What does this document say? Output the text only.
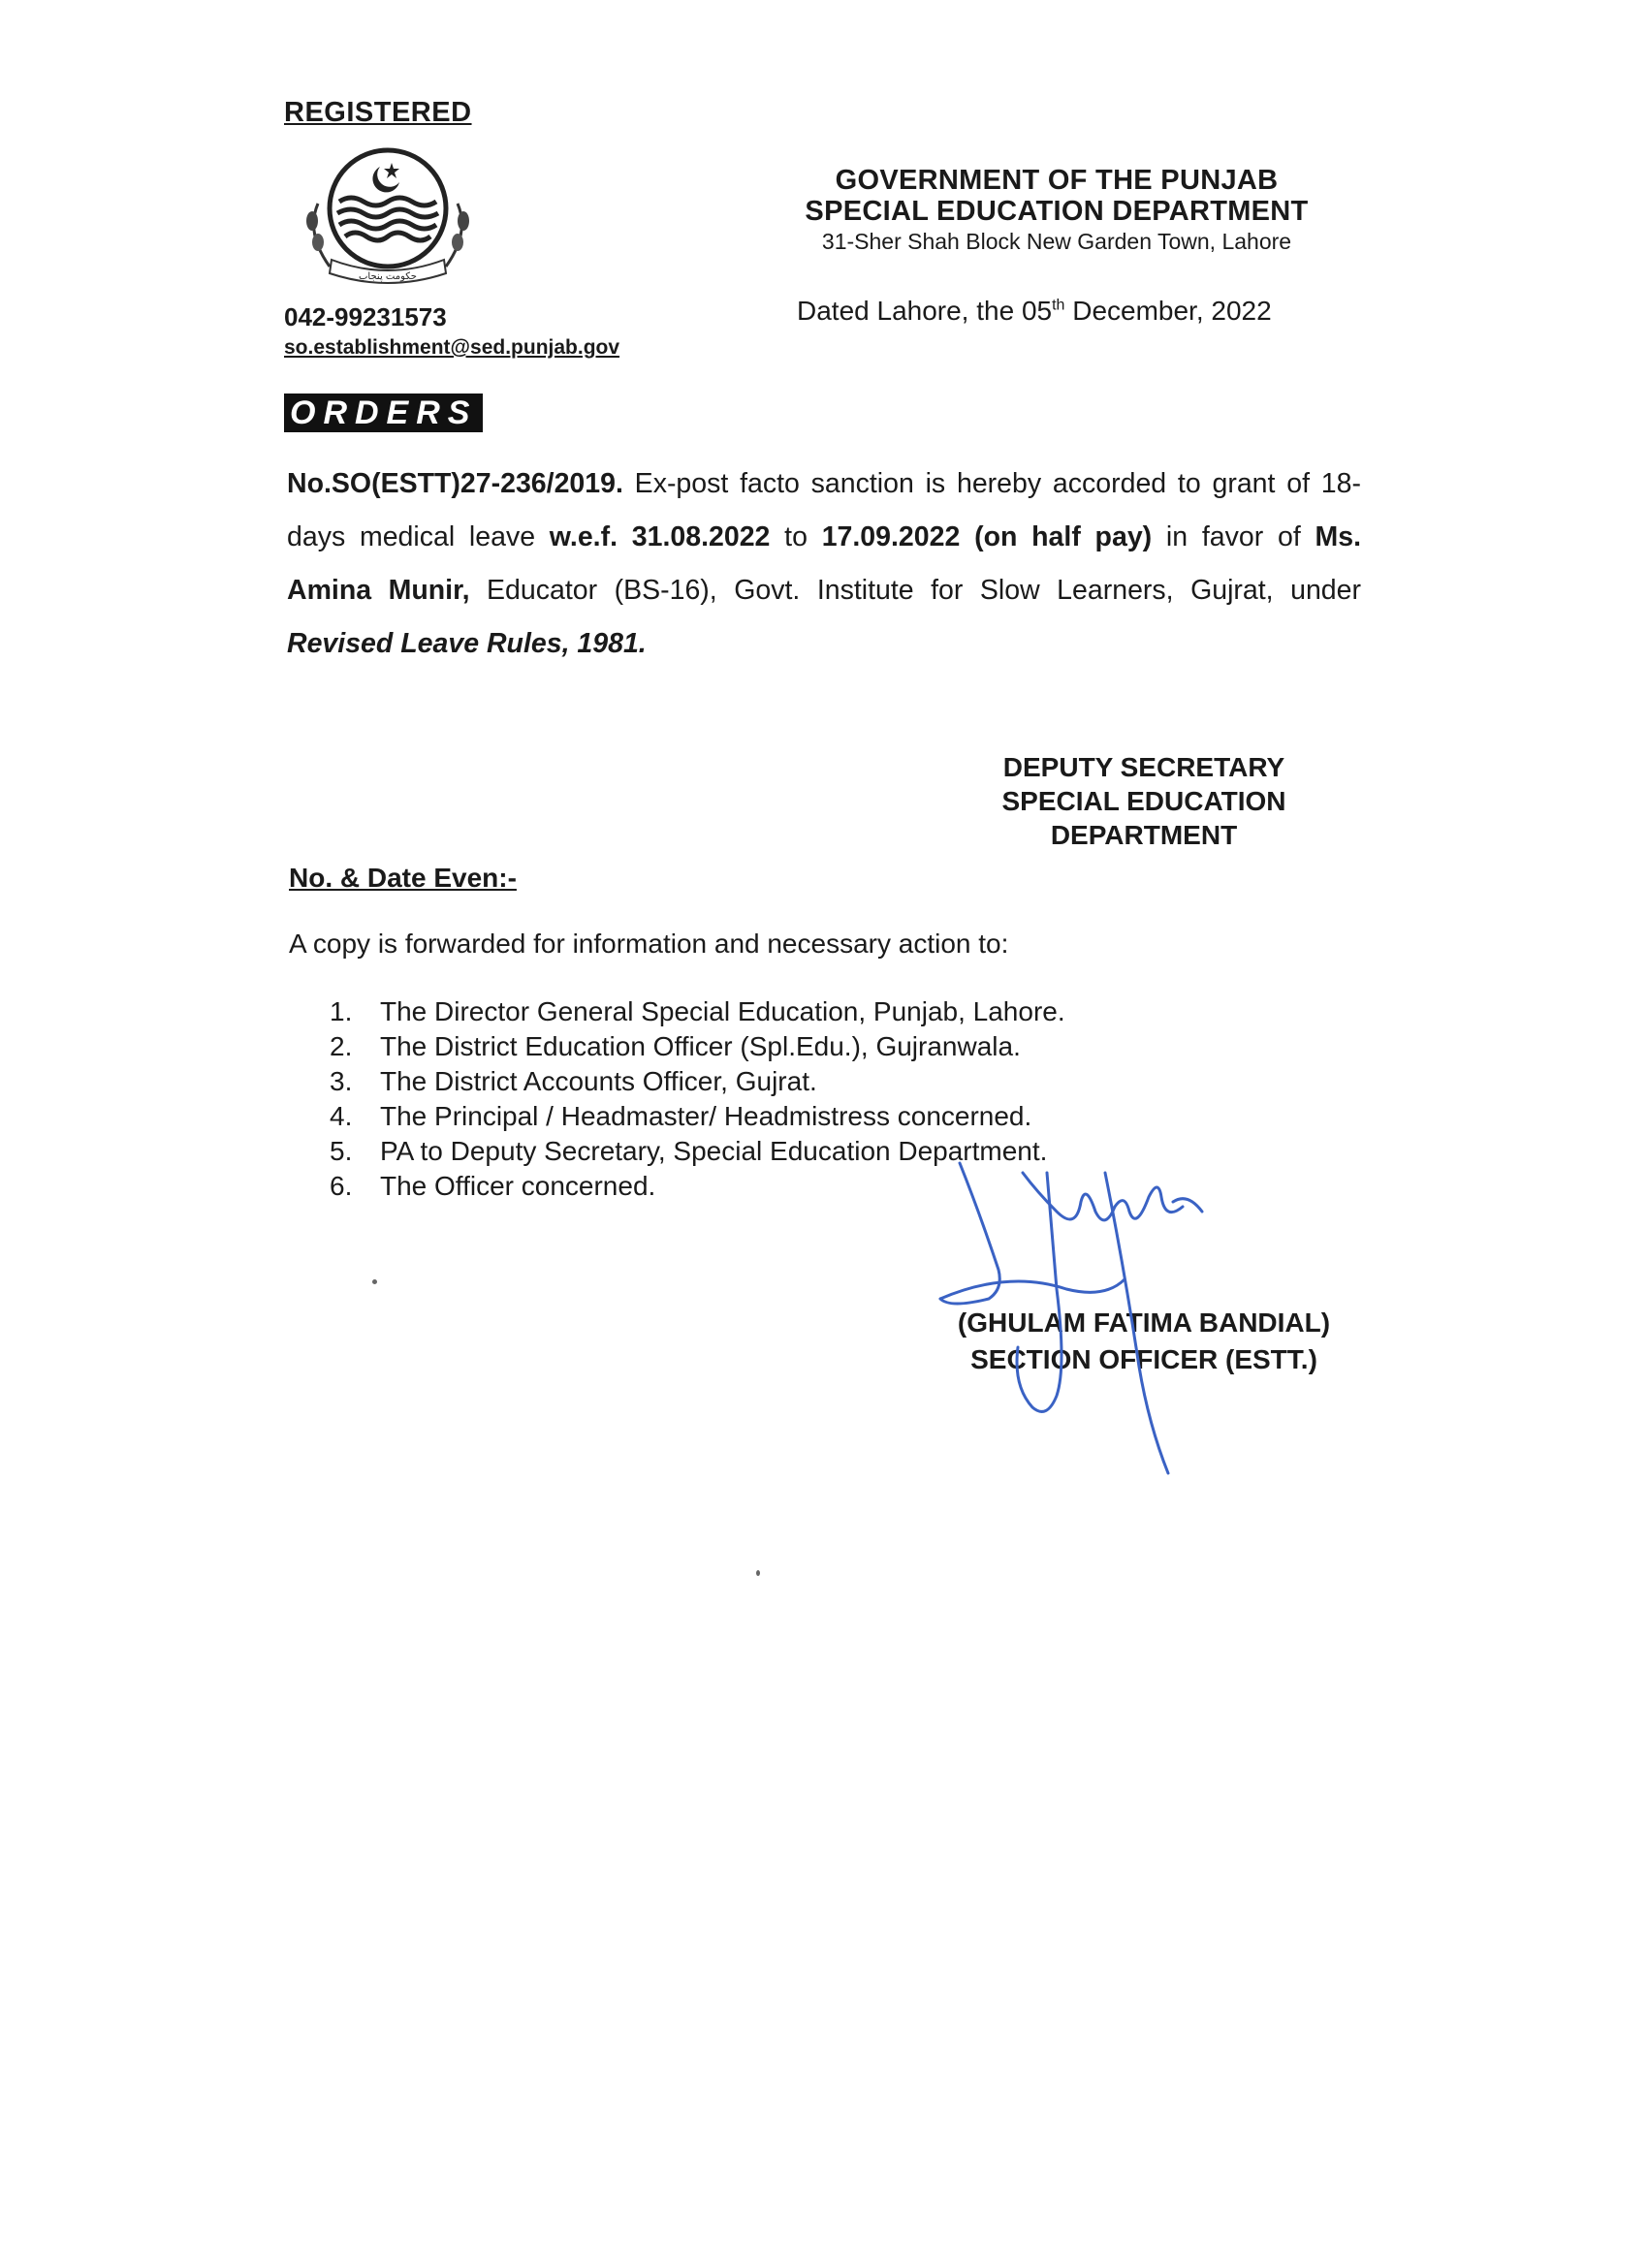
REGISTERED
حکومت پنجاب
042-99231573
so.establishment@sed.punjab.gov
GOVERNMENT OF THE PUNJAB
SPECIAL EDUCATION DEPARTMENT
31-Sher Shah Block New Garden Town, Lahore
Dated Lahore, the 05th December, 2022
ORDERS
No.SO(ESTT)27-236/2019. Ex-post facto sanction is hereby accorded to grant of 18-days medical leave w.e.f. 31.08.2022 to 17.09.2022 (on half pay) in favor of Ms. Amina Munir, Educator (BS-16), Govt. Institute for Slow Learners, Gujrat, under Revised Leave Rules, 1981.
DEPUTY SECRETARY
SPECIAL EDUCATION
DEPARTMENT
No. & Date Even:-
A copy is forwarded for information and necessary action to:
1.	The Director General Special Education, Punjab, Lahore.
2.	The District Education Officer (Spl.Edu.), Gujranwala.
3.	The District Accounts Officer, Gujrat.
4.	The Principal / Headmaster/ Headmistress concerned.
5.	PA to Deputy Secretary, Special Education Department.
6.	The Officer concerned.
(GHULAM FATIMA BANDIAL)
SECTION OFFICER (ESTT.)
